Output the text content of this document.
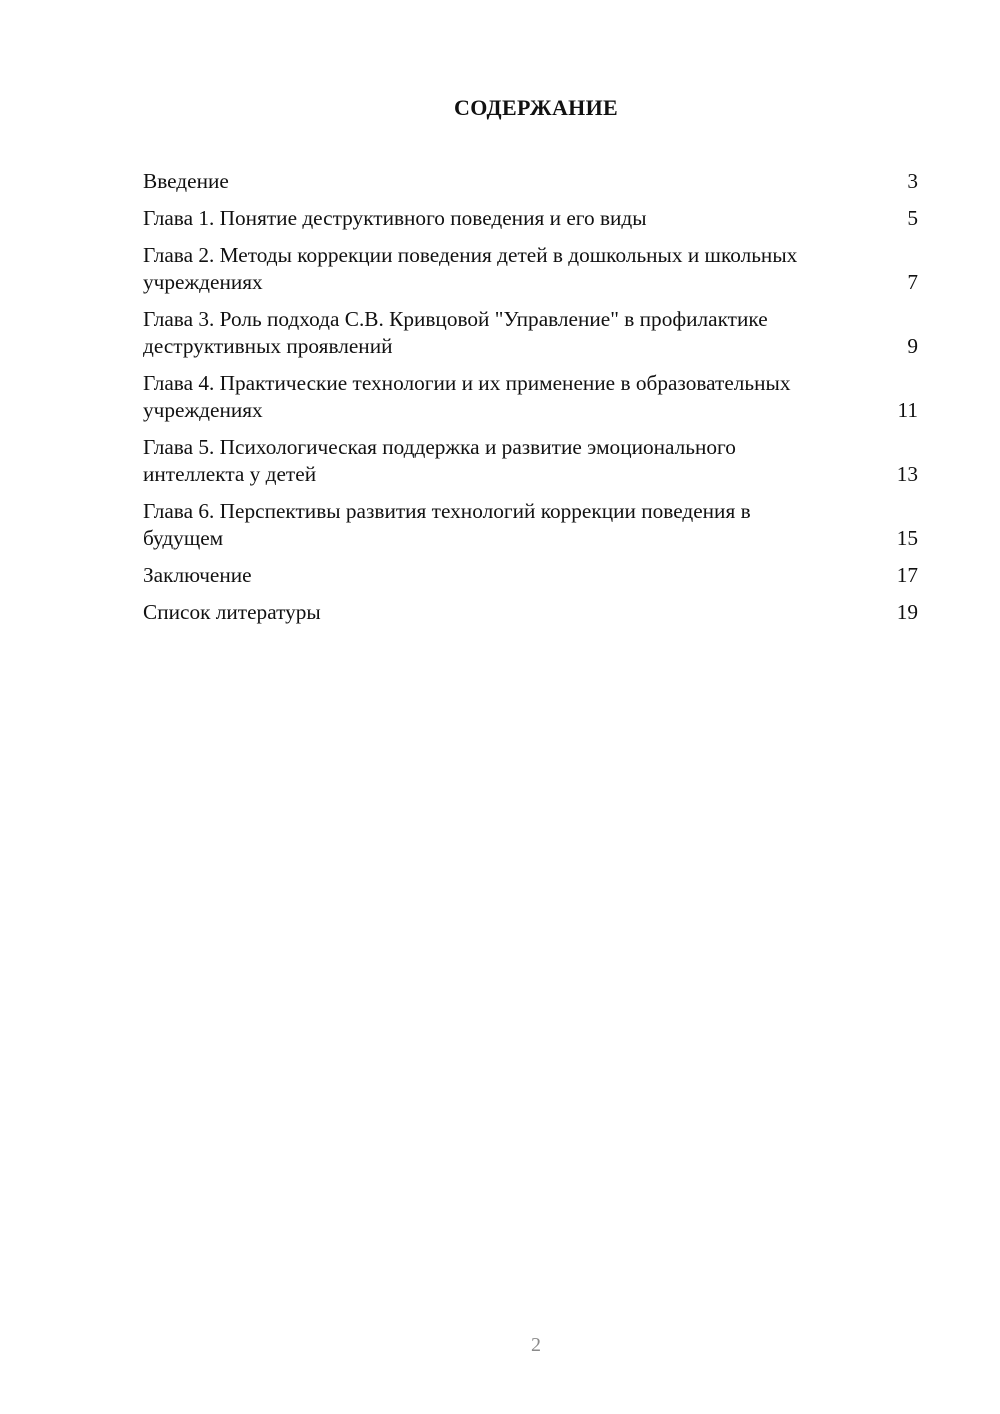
СОДЕРЖАНИЕ
Введение	3
Глава 1. Понятие деструктивного поведения и его виды	5
Глава 2. Методы коррекции поведения детей в дошкольных и школьных учреждениях	7
Глава 3. Роль подхода С.В. Кривцовой "Управление" в профилактике деструктивных проявлений	9
Глава 4. Практические технологии и их применение в образовательных учреждениях	11
Глава 5. Психологическая поддержка и развитие эмоционального интеллекта у детей	13
Глава 6. Перспективы развития технологий коррекции поведения в будущем	15
Заключение	17
Список литературы	19
2
